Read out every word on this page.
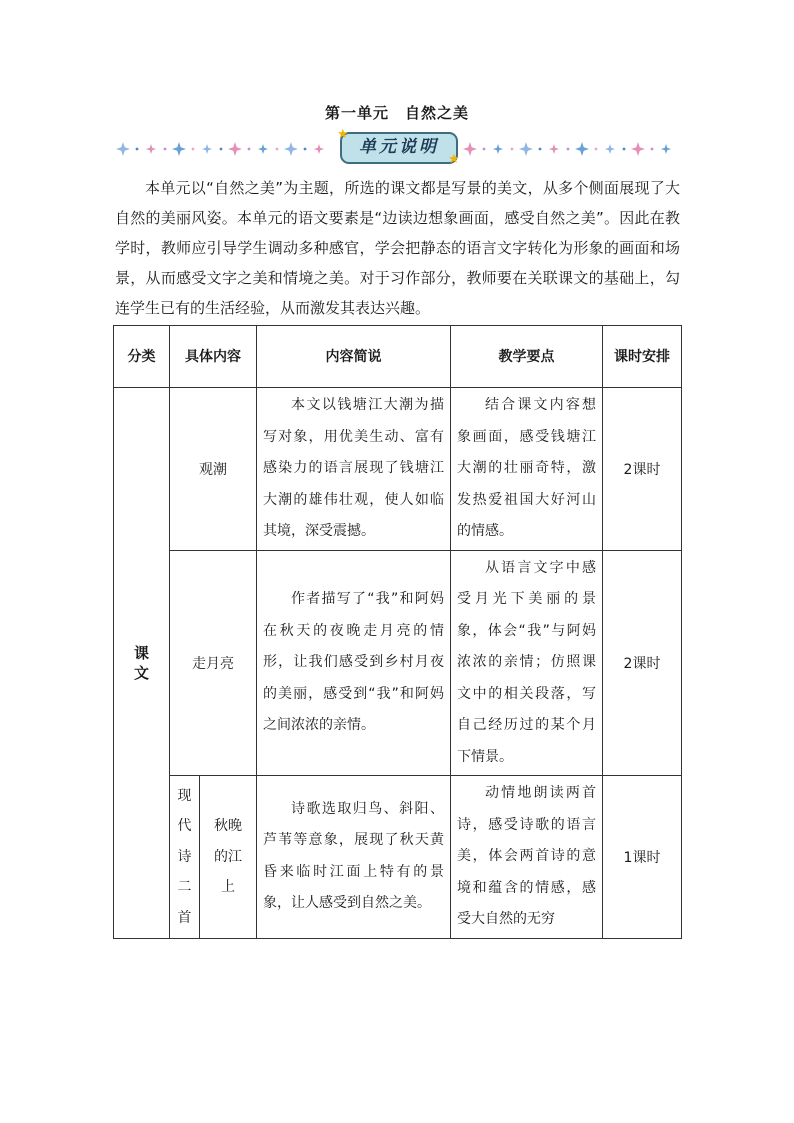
第一单元　自然之美
单元说明
★
★
本单元以“自然之美”为主题，所选的课文都是写景的美文，从多个侧面展现了大自然的美丽风姿。本单元的语文要素是“边读边想象画面，感受自然之美”。因此在教学时，教师应引导学生调动多种感官，学会把静态的语言文字转化为形象的画面和场景，从而感受文字之美和情境之美。对于习作部分，教师要在关联课文的基础上，勾连学生已有的生活经验，从而激发其表达兴趣。
分类	具体内容		内容简说	教学要点	课时安排

课文	观潮		本文以钱塘江大潮为描写对象，用优美生动、富有感染力的语言展现了钱塘江大潮的雄伟壮观，使人如临其境，深受震撼。	结合课文内容想象画面，感受钱塘江大潮的壮丽奇特，激发热爱祖国大好河山的情感。	2课时
	走月亮		作者描写了“我”和阿妈在秋天的夜晚走月亮的情形，让我们感受到乡村月夜的美丽，感受到“我”和阿妈之间浓浓的亲情。	从语言文字中感受月光下美丽的景象，体会“我”与阿妈浓浓的亲情；仿照课文中的相关段落，写自己经历过的某个月下情景。	2课时

	现代诗二首	秋晚的江上	诗歌选取归鸟、斜阳、芦苇等意象，展现了秋天黄昏来临时江面上特有的景象，让人感受到自然之美。	动情地朗读两首诗，感受诗歌的语言美，体会两首诗的意境和蕴含的情感，感受大自然的无穷	1课时
